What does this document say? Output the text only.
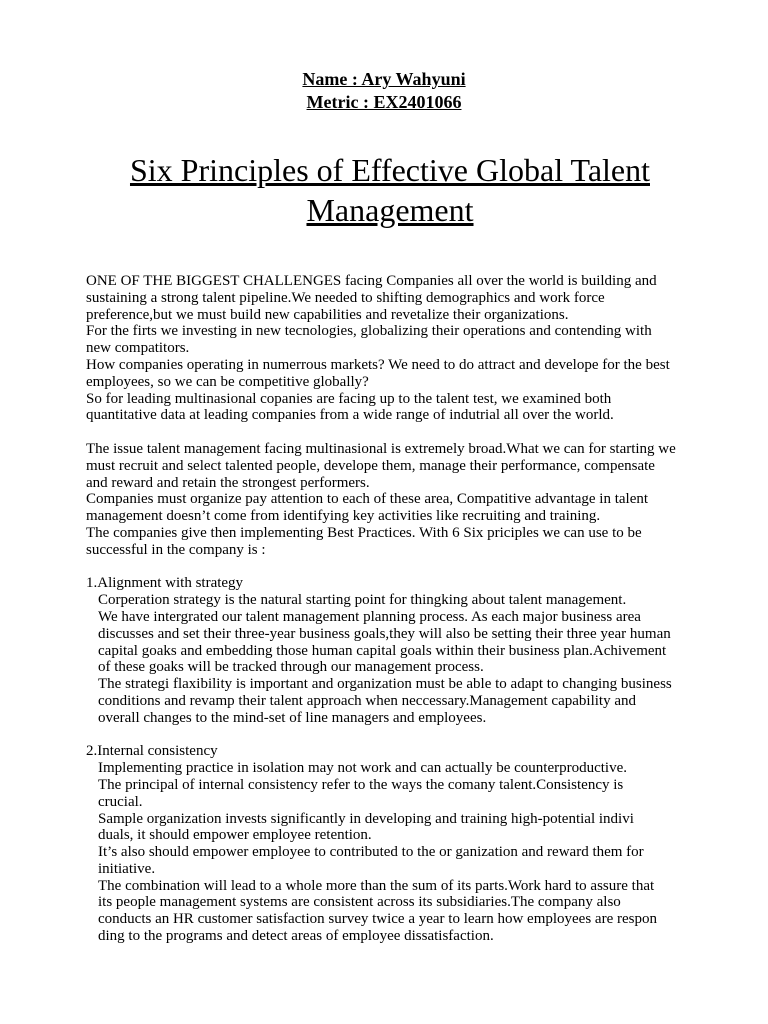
Name : Ary Wahyuni
Metric : EX2401066
Six Principles of Effective Global Talent
Management

ONE OF THE BIGGEST CHALLENGES facing Companies all over the world is building and

sustaining a strong talent pipeline.We needed to shifting demographics and work force

preference,but we must build new capabilities and revetalize their organizations.

For the firts we investing in new tecnologies, globalizing their operations and contending with

new compatitors.

How companies operating in numerrous markets? We need to do attract and develope for the best

employees, so we can be competitive globally?

So for leading multinasional copanies are facing up to the talent test, we examined both

quantitative data at leading companies from a wide range of indutrial all over the world.

The issue talent management facing multinasional is extremely broad.What we can for starting we

must recruit and select talented people, develope them, manage their performance, compensate

and reward and retain the strongest performers.

Companies must organize pay attention to each of these area, Compatitive advantage in talent

management doesn’t come from identifying key activities like recruiting and training.

The companies give then implementing Best Practices. With 6 Six priciples we can use to be

successful in the company is :

1.Alignment with strategy

Corperation strategy is the natural starting point for thingking about talent management.

We have intergrated our talent management planning process. As each major business area

discusses and set their three-year business goals,they will also be setting their three year human

capital goaks and embedding those human capital goals within their business plan.Achivement

of these goaks will be tracked through our management process.

The strategi flaxibility is important and organization must be able to adapt to changing business

conditions and revamp their talent approach when neccessary.Management capability and

overall changes to the mind-set of line managers and employees.

2.Internal consistency

Implementing practice in isolation may not work and can actually be counterproductive.

The principal of internal consistency refer to the ways the comany talent.Consistency is

crucial.

Sample organization invests significantly in developing and training high-potential indivi

duals, it should empower employee retention.

It’s also should empower employee to contributed to the or ganization and reward them for

initiative.

The combination will lead to a whole more than the sum of its parts.Work hard to assure that

its people management systems are consistent across its subsidiaries.The company also

conducts an HR customer satisfaction survey twice a year to learn how employees are respon

ding to the programs and detect areas of employee dissatisfaction.
